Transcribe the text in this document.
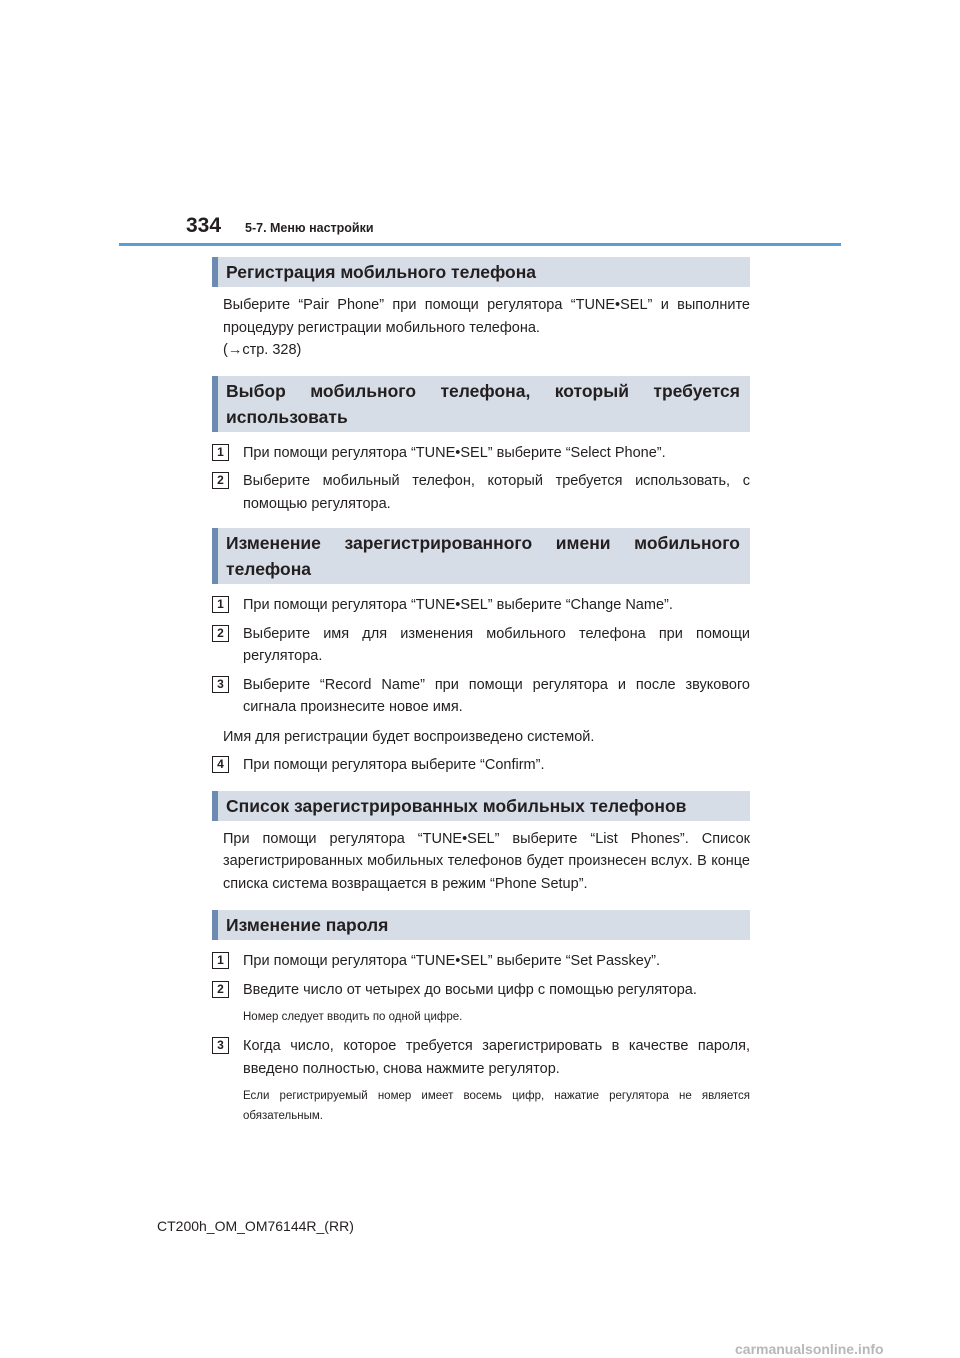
334 5-7. Меню настройки
Регистрация мобильного телефона
Выберите “Pair Phone” при помощи регулятора “TUNE•SEL” и выполните процедуру регистрации мобильного телефона.
(→стр. 328)
Выбор мобильного телефона, который требуется использовать
1	При помощи регулятора “TUNE•SEL” выберите “Select Phone”.
2	Выберите мобильный телефон, который требуется использовать, с помощью регулятора.
Изменение зарегистрированного имени мобильного телефона
1	При помощи регулятора “TUNE•SEL” выберите “Change Name”.
2	Выберите имя для изменения мобильного телефона при помощи регулятора.
3	Выберите “Record Name” при помощи регулятора и после звукового сигнала произнесите новое имя.
Имя для регистрации будет воспроизведено системой.
4	При помощи регулятора выберите “Confirm”.
Список зарегистрированных мобильных телефонов
При помощи регулятора “TUNE•SEL” выберите “List Phones”. Список зарегистрированных мобильных телефонов будет произнесен вслух. В конце списка система возвращается в режим “Phone Setup”.
Изменение пароля
1	При помощи регулятора “TUNE•SEL” выберите “Set Passkey”.
2	Введите число от четырех до восьми цифр с помощью регулятора.
Номер следует вводить по одной цифре.
3	Когда число, которое требуется зарегистрировать в качестве пароля, введено полностью, снова нажмите регулятор.
Если регистрируемый номер имеет восемь цифр, нажатие регулятора не является обязательным.
CT200h_OM_OM76144R_(RR)
carmanualsonline.info
